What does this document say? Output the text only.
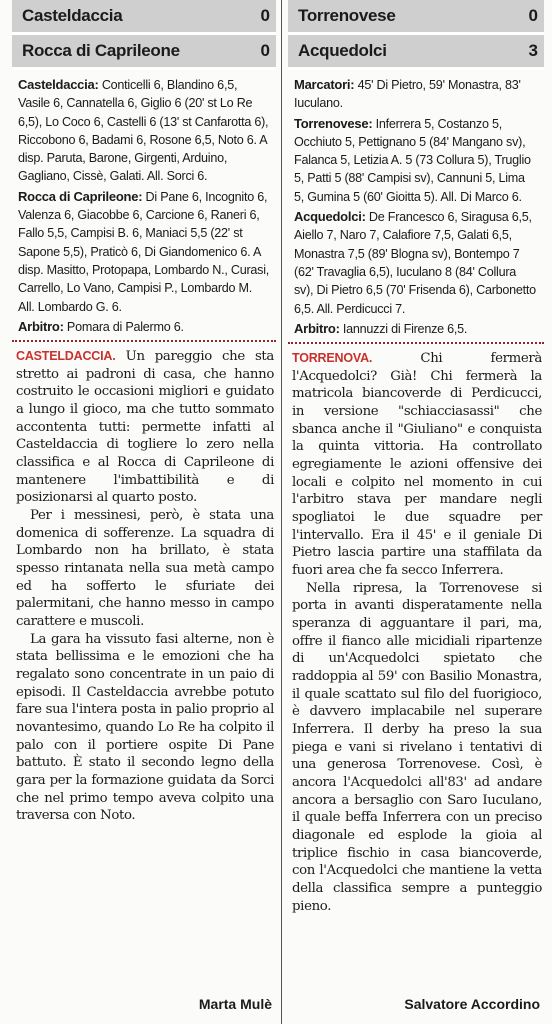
Casteldaccia	0
Rocca di Caprileone	0

Casteldaccia: Conticelli 6, Blandino 6,5, Vasile 6, Cannatella 6, Giglio 6 (20' st Lo Re 6,5), Lo Coco 6, Castelli 6 (13' st Canfarotta 6), Riccobono 6, Badami 6, Rosone 6,5, Noto 6. A disp. Paruta, Barone, Girgenti, Arduino, Gagliano, Cissè, Galati. All. Sorci 6.

Rocca di Caprileone: Di Pane 6, Incognito 6, Valenza 6, Giacobbe 6, Carcione 6, Raneri 6, Fallo 5,5, Campisi B. 6, Maniaci 5,5 (22' st Sapone 5,5), Praticò 6, Di Giandomenico 6. A disp. Masitto, Protopapa, Lombardo N., Curasi, Carrello, Lo Vano, Campisi P., Lombardo M. All. Lombardo G. 6.

Arbitro: Pomara di Palermo 6.

CASTELDACCIA. Un pareggio che sta stretto ai padroni di casa, che hanno costruito le occasioni migliori e guidato a lungo il gioco, ma che tutto sommato accontenta tutti: permette infatti al Casteldaccia di togliere lo zero nella classifica e al Rocca di Caprileone di mantenere l'imbattibilità e di posizionarsi al quarto posto.

Per i messinesi, però, è stata una domenica di sofferenze. La squadra di Lombardo non ha brillato, è stata spesso rintanata nella sua metà campo ed ha sofferto le sfuriate dei palermitani, che hanno messo in campo carattere e muscoli.

La gara ha vissuto fasi alterne, non è stata bellissima e le emozioni che ha regalato sono concentrate in un paio di episodi. Il Casteldaccia avrebbe potuto fare sua l'intera posta in palio proprio al novantesimo, quando Lo Re ha colpito il palo con il portiere ospite Di Pane battuto. È stato il secondo legno della gara per la formazione guidata da Sorci che nel primo tempo aveva colpito una traversa con Noto.

Marta Mulè
Torrenovese	0
Acquedolci	3

Marcatori: 45' Di Pietro, 59' Monastra, 83' Iuculano.

Torrenovese: Inferrera 5, Costanzo 5, Occhiuto 5, Pettignano 5 (84' Mangano sv), Falanca 5, Letizia A. 5 (73 Collura 5), Truglio 5, Patti 5 (88' Campisi sv), Cannuni 5, Lima 5, Gumina 5 (60' Gioitta 5). All. Di Marco 6.

Acquedolci: De Francesco 6, Siragusa 6,5, Aiello 7, Naro 7, Calafiore 7,5, Galati 6,5, Monastra 7,5 (89' Blogna sv), Bontempo 7 (62' Travaglia 6,5), Iuculano 8 (84' Collura sv), Di Pietro 6,5 (70' Frisenda 6), Carbonetto 6,5. All. Perdicucci 7.

Arbitro: Iannuzzi di Firenze 6,5.

TORRENOVA. Chi fermerà l'Acquedolci? Già! Chi fermerà la matricola biancoverde di Perdicucci, in versione "schiacciasassi" che sbanca anche il "Giuliano" e conquista la quinta vittoria. Ha controllato egregiamente le azioni offensive dei locali e colpito nel momento in cui l'arbitro stava per mandare negli spogliatoi le due squadre per l'intervallo. Era il 45' e il geniale Di Pietro lascia partire una staffilata da fuori area che fa secco Inferrera.

Nella ripresa, la Torrenovese si porta in avanti disperatamente nella speranza di agguantare il pari, ma, offre il fianco alle micidiali ripartenze di un'Acquedolci spietato che raddoppia al 59' con Basilio Monastra, il quale scattato sul filo del fuorigioco, è davvero implacabile nel superare Inferrera. Il derby ha preso la sua piega e vani si rivelano i tentativi di una generosa Torrenovese. Così, è ancora l'Acquedolci all'83' ad andare ancora a bersaglio con Saro Iuculano, il quale beffa Inferrera con un preciso diagonale ed esplode la gioia al triplice fischio in casa biancoverde, con l'Acquedolci che mantiene la vetta della classifica sempre a punteggio pieno.

Salvatore Accordino
